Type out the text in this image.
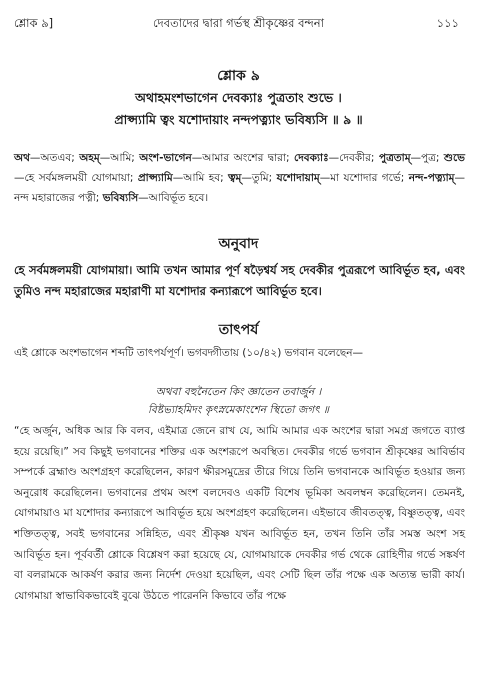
শ্লোক ৯]	দেবতাদের দ্বারা গর্ভস্থ শ্রীকৃষ্ণের বন্দনা	১১১
শ্লোক ৯
অথাহমংশভাগেন দেবক্যাঃ পুত্রতাং শুভে ।
প্রাপ্স্যামি ত্বং যশোদায়াং নন্দপত্ন্যাং ভবিষ্যসি ॥ ৯ ॥
অথ—অতএব; অহম্—আমি; অংশ-ভাগেন—আমার অংশের দ্বারা; দেবক্যাঃ—দেবকীর; পুত্রতাম্—পুত্র; শুভে—হে সর্বমঙ্গলময়ী যোগমায়া; প্রাপ্স্যামি—আমি হব; ত্বম্—তুমি; যশোদায়াম্—মা যশোদার গর্ভে; নন্দ-পত্ন্যাম্—নন্দ মহারাজের পত্নী; ভবিষ্যসি—আবির্ভূত হবে।
অনুবাদ
হে সর্বমঙ্গলময়ী যোগমায়া। আমি তখন আমার পূর্ণ ষড়ৈশ্বর্য সহ দেবকীর পুত্ররূপে আবির্ভূত হব, এবং তুমিও নন্দ মহারাজের মহারাণী মা যশোদার কন্যারূপে আবির্ভূত হবে।
তাৎপর্য
এই শ্লোকে অংশভাগেন শব্দটি তাৎপর্যপূর্ণ। ভগবদ্গীতায় (১০/৪২) ভগবান বলেছেন—
অথবা বহুনৈতেন কিং জ্ঞাতেন তবার্জুন ।
বিষ্টভ্যাহমিদং কৃৎস্নমেকাংশেন স্থিতো জগৎ ॥
“হে অর্জুন, অধিক আর কি বলব, এইমাত্র জেনে রাখ যে, আমি আমার এক অংশের দ্বারা সমগ্র জগতে ব্যাপ্ত হয়ে রয়েছি।” সব কিছুই ভগবানের শক্তির এক অংশরূপে অবস্থিত। দেবকীর গর্ভে ভগবান শ্রীকৃষ্ণের আবির্ভাব সম্পর্কে ব্রহ্মাণ্ড অংশগ্রহণ করেছিলেন, কারণ ক্ষীরসমুদ্রের তীরে গিয়ে তিনি ভগবানকে আবির্ভূত হওয়ার জন্য অনুরোধ করেছিলেন। ভগবানের প্রথম অংশ বলদেবও একটি বিশেষ ভূমিকা অবলম্বন করেছিলেন। তেমনই, যোগমায়াও মা যশোদার কন্যারূপে আবির্ভূত হয়ে অংশগ্রহণ করেছিলেন। এইভাবে জীবতত্ত্ব, বিষ্ণুতত্ত্ব, এবং শক্তিতত্ত্ব, সবই ভগবানের সন্নিহিত, এবং শ্রীকৃষ্ণ যখন আবির্ভূত হন, তখন তিনি তাঁর সমস্ত অংশ সহ আবির্ভূত হন। পূর্ববর্তী শ্লোকে বিশ্লেষণ করা হয়েছে যে, যোগমায়াকে দেবকীর গর্ভ থেকে রোহিণীর গর্ভে সঙ্কর্ষণ বা বলরামকে আকর্ষণ করার জন্য নির্দেশ দেওয়া হয়েছিল, এবং সেটি ছিল তাঁর পক্ষে এক অত্যন্ত ভারী কার্য। যোগমায়া স্বাভাবিকভাবেই বুঝে উঠতে পারেননি কিভাবে তাঁর পক্ষে
